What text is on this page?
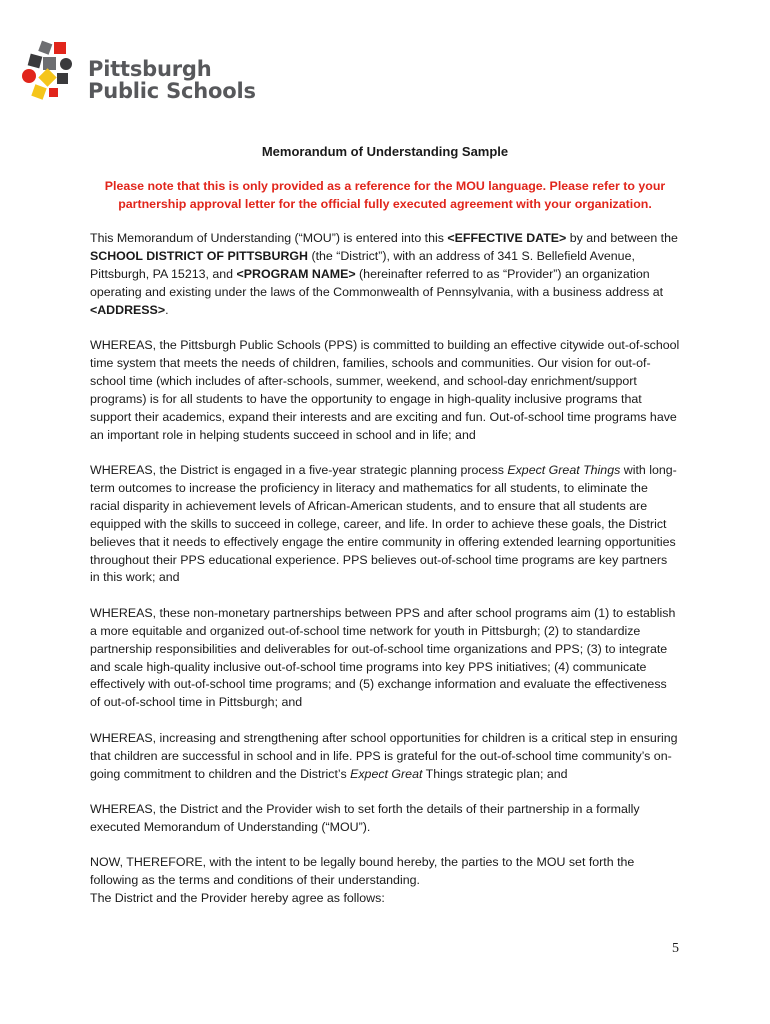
Pittsburgh
Public Schools
Memorandum of Understanding Sample
Please note that this is only provided as a reference for the MOU language. Please refer to your partnership approval letter for the official fully executed agreement with your organization.

This Memorandum of Understanding (“MOU”) is entered into this <EFFECTIVE DATE> by and between the SCHOOL DISTRICT OF PITTSBURGH (the “District”), with an address of 341 S. Bellefield Avenue, Pittsburgh, PA 15213, and <PROGRAM NAME> (hereinafter referred to as “Provider”) an organization operating and existing under the laws of the Commonwealth of Pennsylvania, with a business address at <ADDRESS>.

WHEREAS, the Pittsburgh Public Schools (PPS) is committed to building an effective citywide out-of-school time system that meets the needs of children, families, schools and communities. Our vision for out-of-school time (which includes of after-schools, summer, weekend, and school-day enrichment/support programs) is for all students to have the opportunity to engage in high-quality inclusive programs that support their academics, expand their interests and are exciting and fun. Out-of-school time programs have an important role in helping students succeed in school and in life; and

WHEREAS, the District is engaged in a five-year strategic planning process Expect Great Things with long-term outcomes to increase the proficiency in literacy and mathematics for all students, to eliminate the racial disparity in achievement levels of African-American students, and to ensure that all students are equipped with the skills to succeed in college, career, and life. In order to achieve these goals, the District believes that it needs to effectively engage the entire community in offering extended learning opportunities throughout their PPS educational experience. PPS believes out-of-school time programs are key partners in this work; and

WHEREAS, these non-monetary partnerships between PPS and after school programs aim (1) to establish a more equitable and organized out-of-school time network for youth in Pittsburgh; (2) to standardize partnership responsibilities and deliverables for out-of-school time organizations and PPS; (3) to integrate and scale high-quality inclusive out-of-school time programs into key PPS initiatives; (4) communicate effectively with out-of-school time programs; and (5) exchange information and evaluate the effectiveness of out-of-school time in Pittsburgh; and

WHEREAS, increasing and strengthening after school opportunities for children is a critical step in ensuring that children are successful in school and in life. PPS is grateful for the out-of-school time community’s on-going commitment to children and the District’s Expect Great Things strategic plan; and

WHEREAS, the District and the Provider wish to set forth the details of their partnership in a formally executed Memorandum of Understanding (“MOU”).

NOW, THEREFORE, with the intent to be legally bound hereby, the parties to the MOU set forth the following as the terms and conditions of their understanding.

The District and the Provider hereby agree as follows:

5
